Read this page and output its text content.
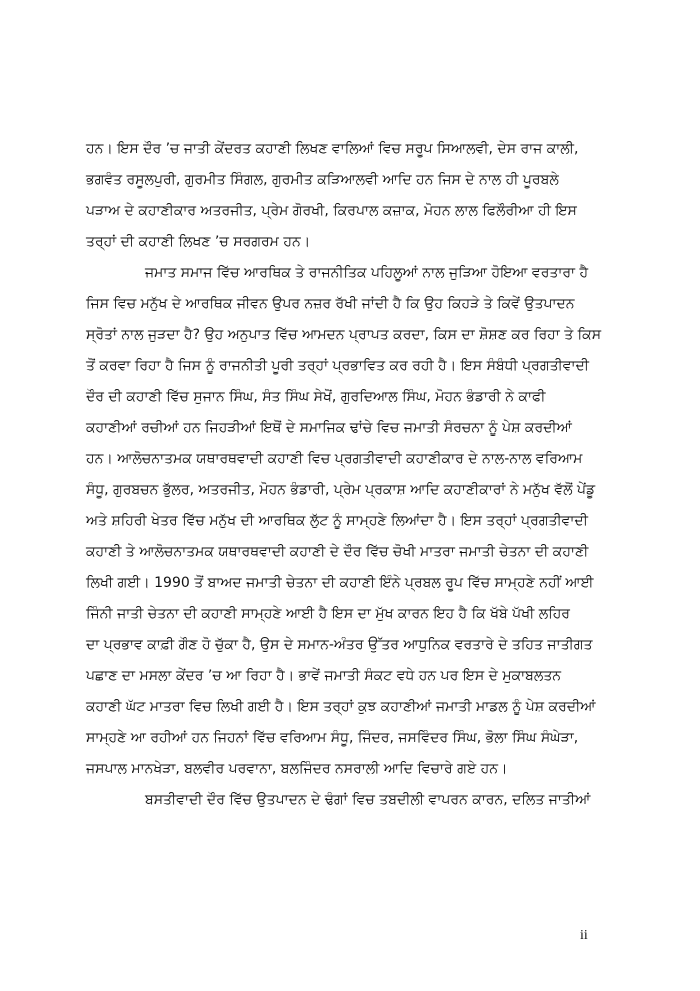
ਹਨ। ਇਸ ਦੌਰ ’ਚ ਜਾਤੀ ਕੇਂਦਰਤ ਕਹਾਣੀ ਲਿਖਣ ਵਾਲਿਆਂ ਵਿਚ ਸਰੂਪ ਸਿਆਲਵੀ, ਦੇਸ ਰਾਜ ਕਾਲੀ,
ਭਗਵੰਤ ਰਸੂਲਪੁਰੀ, ਗੁਰਮੀਤ ਸਿੰਗਲ, ਗੁਰਮੀਤ ਕੜਿਆਲਵੀ ਆਦਿ ਹਨ ਜਿਸ ਦੇ ਨਾਲ ਹੀ ਪੂਰਬਲੇ
ਪੜਾਅ ਦੇ ਕਹਾਣੀਕਾਰ ਅਤਰਜੀਤ, ਪ੍ਰੇਮ ਗੋਰਖੀ, ਕਿਰਪਾਲ ਕਜ਼ਾਕ, ਮੋਹਨ ਲਾਲ ਫਿਲੌਰੀਆ ਹੀ ਇਸ
ਤਰ੍ਹਾਂ ਦੀ ਕਹਾਣੀ ਲਿਖਣ ’ਚ ਸਰਗਰਮ ਹਨ।
ਜਮਾਤ ਸਮਾਜ ਵਿੱਚ ਆਰਥਿਕ ਤੇ ਰਾਜਨੀਤਿਕ ਪਹਿਲੂਆਂ ਨਾਲ ਜੁੜਿਆ ਹੋਇਆ ਵਰਤਾਰਾ ਹੈ
ਜਿਸ ਵਿਚ ਮਨੁੱਖ ਦੇ ਆਰਥਿਕ ਜੀਵਨ ਉਪਰ ਨਜ਼ਰ ਰੱਖੀ ਜਾਂਦੀ ਹੈ ਕਿ ਉਹ ਕਿਹੜੇ ਤੇ ਕਿਵੇਂ ਉਤਪਾਦਨ
ਸ੍ਰੋਤਾਂ ਨਾਲ ਜੁੜਦਾ ਹੈ? ਉਹ ਅਨੁਪਾਤ ਵਿੱਚ ਆਮਦਨ ਪ੍ਰਾਪਤ ਕਰਦਾ, ਕਿਸ ਦਾ ਸ਼ੋਸ਼ਣ ਕਰ ਰਿਹਾ ਤੇ ਕਿਸ
ਤੋਂ ਕਰਵਾ ਰਿਹਾ ਹੈ ਜਿਸ ਨੂੰ ਰਾਜਨੀਤੀ ਪੂਰੀ ਤਰ੍ਹਾਂ ਪ੍ਰਭਾਵਿਤ ਕਰ ਰਹੀ ਹੈ। ਇਸ ਸੰਬੰਧੀ ਪ੍ਰਗਤੀਵਾਦੀ
ਦੌਰ ਦੀ ਕਹਾਣੀ ਵਿੱਚ ਸੁਜਾਨ ਸਿੰਘ, ਸੰਤ ਸਿੰਘ ਸੇਖੋਂ, ਗੁਰਦਿਆਲ ਸਿੰਘ, ਮੋਹਨ ਭੰਡਾਰੀ ਨੇ ਕਾਫੀ
ਕਹਾਣੀਆਂ ਰਚੀਆਂ ਹਨ ਜਿਹੜੀਆਂ ਇਥੋਂ ਦੇ ਸਮਾਜਿਕ ਢਾਂਚੇ ਵਿਚ ਜਮਾਤੀ ਸੰਰਚਨਾ ਨੂੰ ਪੇਸ਼ ਕਰਦੀਆਂ
ਹਨ। ਆਲੋਚਨਾਤਮਕ ਯਥਾਰਥਵਾਦੀ ਕਹਾਣੀ ਵਿਚ ਪ੍ਰਗਤੀਵਾਦੀ ਕਹਾਣੀਕਾਰ ਦੇ ਨਾਲ-ਨਾਲ ਵਰਿਆਮ
ਸੰਧੂ, ਗੁਰਬਚਨ ਭੁੱਲਰ, ਅਤਰਜੀਤ, ਮੋਹਨ ਭੰਡਾਰੀ, ਪ੍ਰੇਮ ਪ੍ਰਕਾਸ਼ ਆਦਿ ਕਹਾਣੀਕਾਰਾਂ ਨੇ ਮਨੁੱਖ ਵੱਲੋਂ ਪੇਂਡੂ
ਅਤੇ ਸ਼ਹਿਰੀ ਖੇਤਰ ਵਿੱਚ ਮਨੁੱਖ ਦੀ ਆਰਥਿਕ ਲੁੱਟ ਨੂੰ ਸਾਮ੍ਹਣੇ ਲਿਆਂਦਾ ਹੈ। ਇਸ ਤਰ੍ਹਾਂ ਪ੍ਰਗਤੀਵਾਦੀ
ਕਹਾਣੀ ਤੇ ਆਲੋਚਨਾਤਮਕ ਯਥਾਰਥਵਾਦੀ ਕਹਾਣੀ ਦੇ ਦੌਰ ਵਿੱਚ ਚੋਖੀ ਮਾਤਰਾ ਜਮਾਤੀ ਚੇਤਨਾ ਦੀ ਕਹਾਣੀ
ਲਿਖੀ ਗਈ। 1990 ਤੋਂ ਬਾਅਦ ਜਮਾਤੀ ਚੇਤਨਾ ਦੀ ਕਹਾਣੀ ਇੰਨੇ ਪ੍ਰਬਲ ਰੂਪ ਵਿੱਚ ਸਾਮ੍ਹਣੇ ਨਹੀਂ ਆਈ
ਜਿੰਨੀ ਜਾਤੀ ਚੇਤਨਾ ਦੀ ਕਹਾਣੀ ਸਾਮ੍ਹਣੇ ਆਈ ਹੈ ਇਸ ਦਾ ਮੁੱਖ ਕਾਰਨ ਇਹ ਹੈ ਕਿ ਖੱਬੇ ਪੱਖੀ ਲਹਿਰ
ਦਾ ਪ੍ਰਭਾਵ ਕਾਫ਼ੀ ਗੌਣ ਹੋ ਚੁੱਕਾ ਹੈ, ਉਸ ਦੇ ਸਮਾਨ-ਅੰਤਰ ਉੱਤਰ ਆਧੁਨਿਕ ਵਰਤਾਰੇ ਦੇ ਤਹਿਤ ਜਾਤੀਗਤ
ਪਛਾਣ ਦਾ ਮਸਲਾ ਕੇਂਦਰ ’ਚ ਆ ਰਿਹਾ ਹੈ। ਭਾਵੇਂ ਜਮਾਤੀ ਸੰਕਟ ਵਧੇ ਹਨ ਪਰ ਇਸ ਦੇ ਮੁਕਾਬਲਤਨ
ਕਹਾਣੀ ਘੱਟ ਮਾਤਰਾ ਵਿਚ ਲਿਖੀ ਗਈ ਹੈ। ਇਸ ਤਰ੍ਹਾਂ ਕੁਝ ਕਹਾਣੀਆਂ ਜਮਾਤੀ ਮਾਡਲ ਨੂੰ ਪੇਸ਼ ਕਰਦੀਆਂ
ਸਾਮ੍ਹਣੇ ਆ ਰਹੀਆਂ ਹਨ ਜਿਹਨਾਂ ਵਿੱਚ ਵਰਿਆਮ ਸੰਧੂ, ਜਿੰਦਰ, ਜਸਵਿੰਦਰ ਸਿੰਘ, ਭੋਲਾ ਸਿੰਘ ਸੰਘੇੜਾ,
ਜਸਪਾਲ ਮਾਨਖੇੜਾ, ਬਲਵੀਰ ਪਰਵਾਨਾ, ਬਲਜਿੰਦਰ ਨਸਰਾਲੀ ਆਦਿ ਵਿਚਾਰੇ ਗਏ ਹਨ।
ਬਸਤੀਵਾਦੀ ਦੌਰ ਵਿੱਚ ਉਤਪਾਦਨ ਦੇ ਢੰਗਾਂ ਵਿਚ ਤਬਦੀਲੀ ਵਾਪਰਨ ਕਾਰਨ, ਦਲਿਤ ਜਾਤੀਆਂ
ii
